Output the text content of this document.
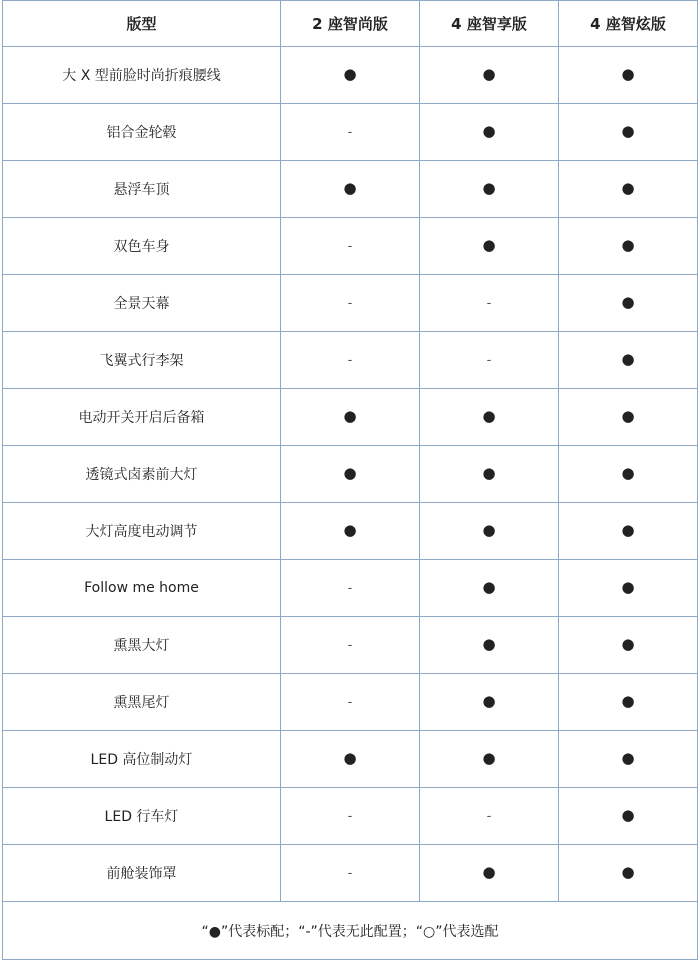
版型	2 座智尚版	4 座智享版	4 座智炫版
大 X 型前脸时尚折痕腰线	●	●	●
铝合金轮毂	-	●	●
悬浮车顶	●	●	●
双色车身	-	●	●
全景天幕	-	-	●
飞翼式行李架	-	-	●
电动开关开启后备箱	●	●	●
透镜式卤素前大灯	●	●	●
大灯高度电动调节	●	●	●
Follow me home	-	●	●
熏黑大灯	-	●	●
熏黑尾灯	-	●	●
LED 高位制动灯	●	●	●
LED 行车灯	-	-	●
前舱装饰罩	-	●	●
“●”代表标配；“-”代表无此配置；“○”代表选配			
